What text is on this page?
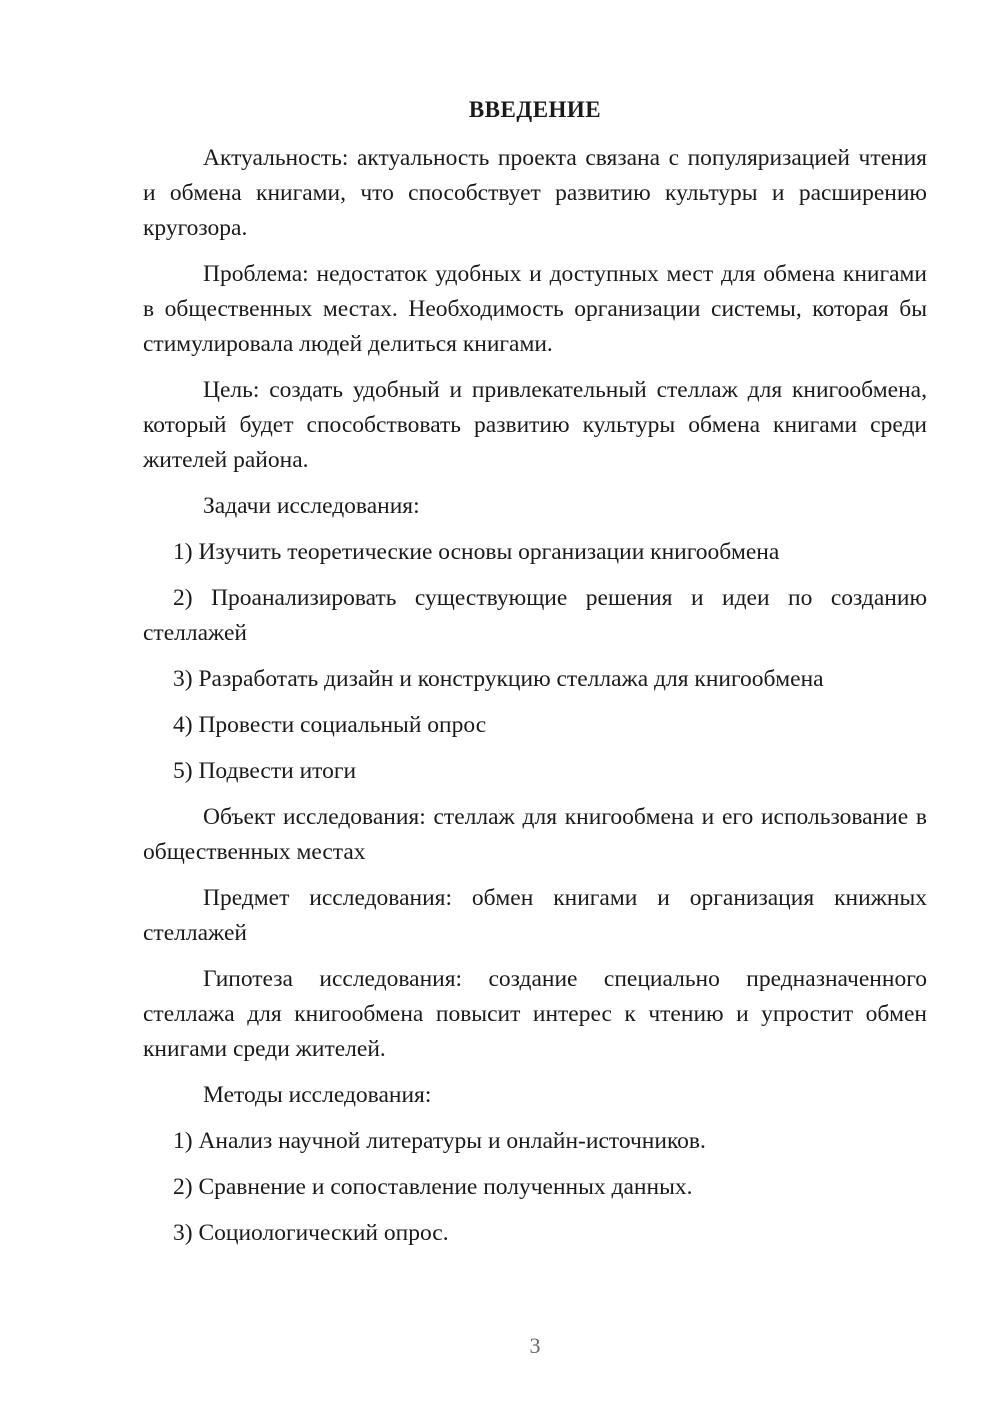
ВВЕДЕНИЕ
Актуальность: актуальность проекта связана с популяризацией чтения и обмена книгами, что способствует развитию культуры и расширению кругозора.
Проблема: недостаток удобных и доступных мест для обмена книгами в общественных местах. Необходимость организации системы, которая бы стимулировала людей делиться книгами.
Цель: создать удобный и привлекательный стеллаж для книгообмена, который будет способствовать развитию культуры обмена книгами среди жителей района.
Задачи исследования:
1) Изучить теоретические основы организации книгообмена
2) Проанализировать существующие решения и идеи по созданию стеллажей
3) Разработать дизайн и конструкцию стеллажа для книгообмена
4) Провести социальный опрос
5) Подвести итоги
Объект исследования: стеллаж для книгообмена и его использование в общественных местах
Предмет исследования: обмен книгами и организация книжных стеллажей
Гипотеза исследования: создание специально предназначенного стеллажа для книгообмена повысит интерес к чтению и упростит обмен книгами среди жителей.
Методы исследования:
1) Анализ научной литературы и онлайн-источников.
2) Сравнение и сопоставление полученных данных.
3) Социологический опрос.
3
